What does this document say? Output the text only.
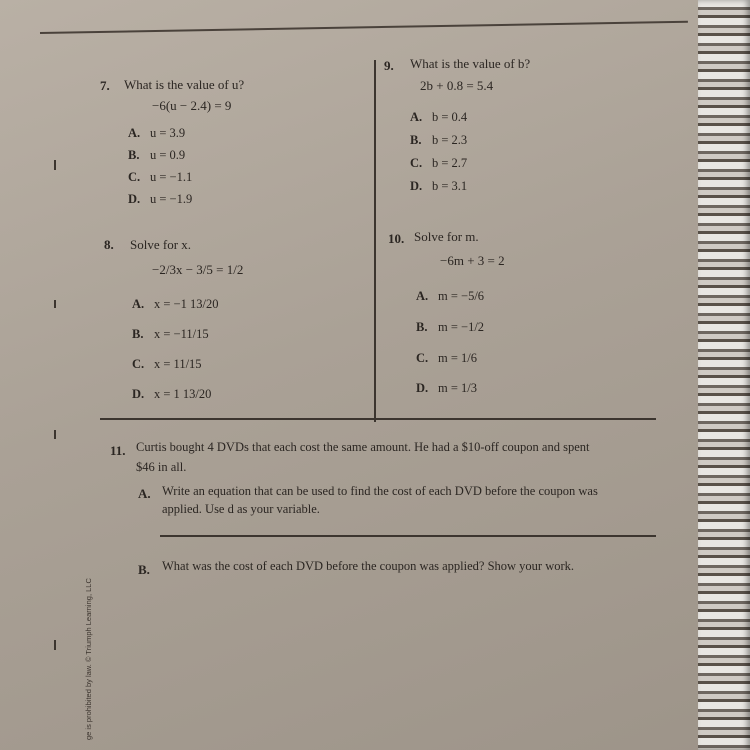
7. What is the value of u?
−6(u − 2.4) = 9
A. u = 3.9
B. u = 0.9
C. u = −1.1
D. u = −1.9
8. Solve for x.
−2/3x − 3/5 = 1/2
A. x = −1 13/20
B. x = −11/15
C. x = 11/15
D. x = 1 13/20
9. What is the value of b?
2b + 0.8 = 5.4
A. b = 0.4
B. b = 2.3
C. b = 2.7
D. b = 3.1
10. Solve for m.
−6m + 3 = 2
A. m = −5/6
B. m = −1/2
C. m = 1/6
D. m = 1/3
11. Curtis bought 4 DVDs that each cost the same amount. He had a $10-off coupon and spent
$46 in all.
A. Write an equation that can be used to find the cost of each DVD before the coupon was
applied. Use d as your variable.
B. What was the cost of each DVD before the coupon was applied? Show your work.
ge is prohibited by law. © Triumph Learning, LLC
